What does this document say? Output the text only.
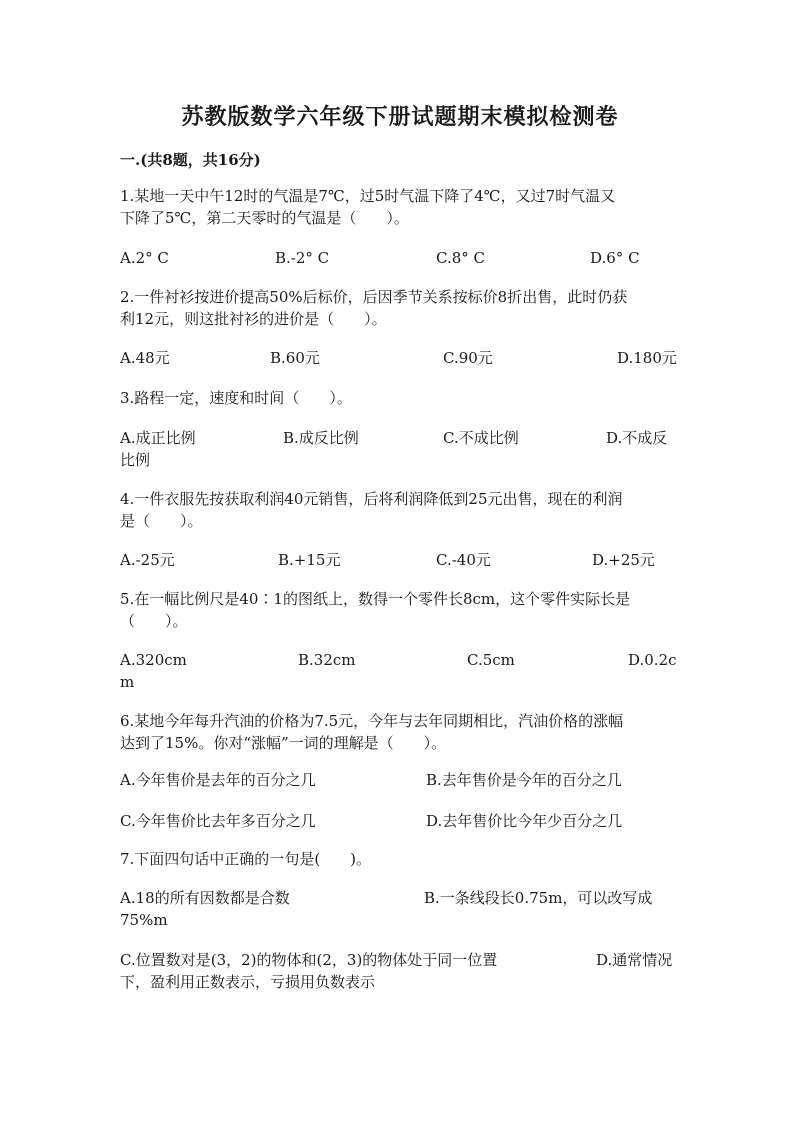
苏教版数学六年级下册试题期末模拟检测卷
一.(共8题，共16分)
1.某地一天中午12时的气温是7℃，过5时气温下降了4℃，又过7时气温又
下降了5℃，第二天零时的气温是（　　）。
A.2° C	B.-2° C	C.8° C	D.6° C
2.一件衬衫按进价提高50%后标价，后因季节关系按标价8折出售，此时仍获
利12元，则这批衬衫的进价是（　　）。
A.48元	B.60元	C.90元	D.180元
3.路程一定，速度和时间（　　）。
A.成正比例	B.成反比例	C.不成比例	D.不成反
比例
4.一件衣服先按获取利润40元销售，后将利润降低到25元出售，现在的利润
是（　　）。
A.-25元	B.+15元	C.-40元	D.+25元
5.在一幅比例尺是40∶1的图纸上，数得一个零件长8cm，这个零件实际长是
（　　）。
A.320cm	B.32cm	C.5cm	D.0.2c
m
6.某地今年每升汽油的价格为7.5元，今年与去年同期相比，汽油价格的涨幅
达到了15%。你对“涨幅”一词的理解是（　　）。
A.今年售价是去年的百分之几	B.去年售价是今年的百分之几
C.今年售价比去年多百分之几	D.去年售价比今年少百分之几
7.下面四句话中正确的一句是(　　)。
A.18的所有因数都是合数	B.一条线段长0.75m，可以改写成
75%m
C.位置数对是(3，2)的物体和(2，3)的物体处于同一位置	D.通常情况
下，盈利用正数表示，亏损用负数表示
